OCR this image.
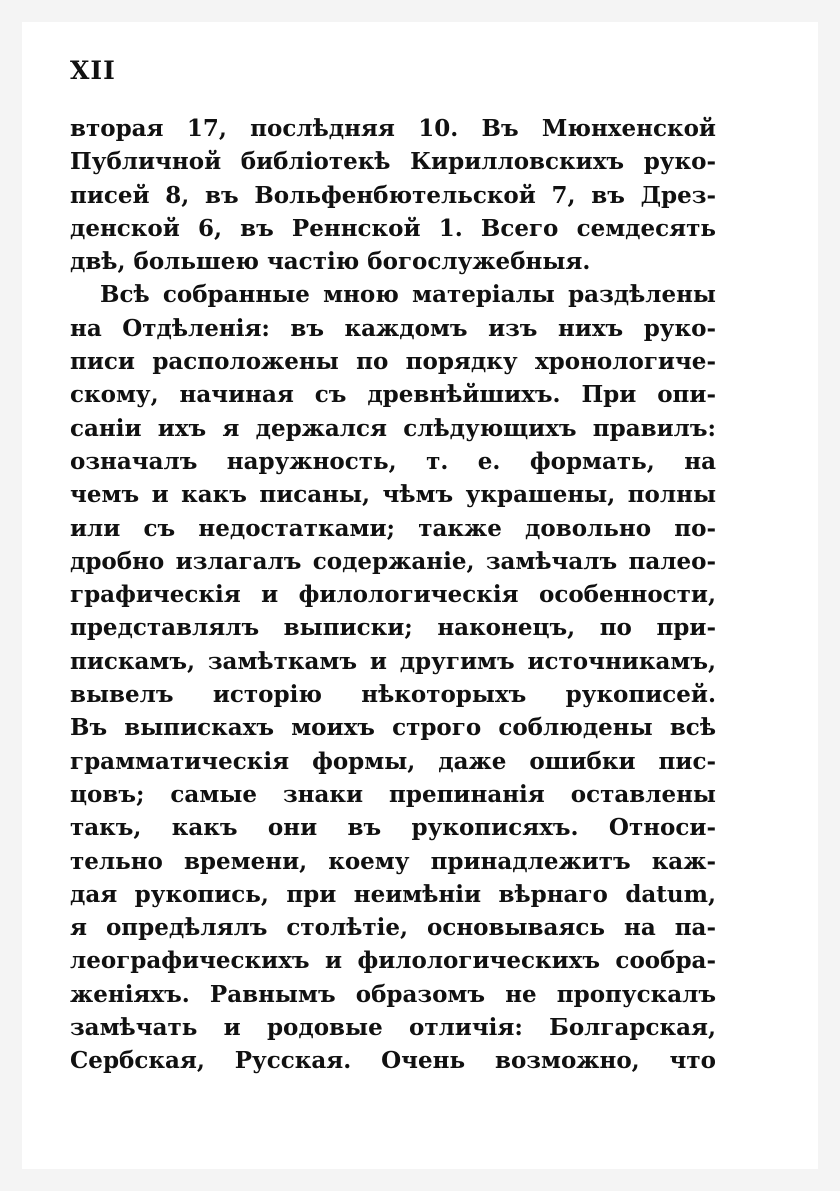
XII
вторая 17, послѣдняя 10. Въ Мюнхенской
Публичной библіотекѣ Кирилловскихъ руко-
писей 8, въ Вольфенбютельской 7, въ Дрез-
денской 6, въ Реннской 1. Всего семдесять
двѣ, большею частію богослужебныя.
Всѣ собранные мною матеріалы раздѣлены
на Отдѣленія: въ каждомъ изъ нихъ руко-
писи расположены по порядку хронологиче-
скому, начиная съ древнѣйшихъ. При опи-
саніи ихъ я держался слѣдующихъ правилъ:
означалъ наружность, т. е. формать, на
чемъ и какъ писаны, чѣмъ украшены, полны
или съ недостатками; также довольно по-
дробно излагалъ содержаніе, замѣчалъ палео-
графическія и филологическія особенности,
представлялъ выписки; наконецъ, по при-
пискамъ, замѣткамъ и другимъ источникамъ,
вывелъ исторію нѣкоторыхъ рукописей.
Въ выпискахъ моихъ строго соблюдены всѣ
грамматическія формы, даже ошибки пис-
цовъ; самые знаки препинанія оставлены
такъ, какъ они въ рукописяхъ. Относи-
тельно времени, коему принадлежитъ каж-
дая рукопись, при неимѣніи вѣрнаго datum,
я опредѣлялъ столѣтіе, основываясь на па-
леографическихъ и филологическихъ сообра-
женіяхъ. Равнымъ образомъ не пропускалъ
замѣчать и родовые отличія: Болгарская,
Сербская, Русская. Очень возможно, что
